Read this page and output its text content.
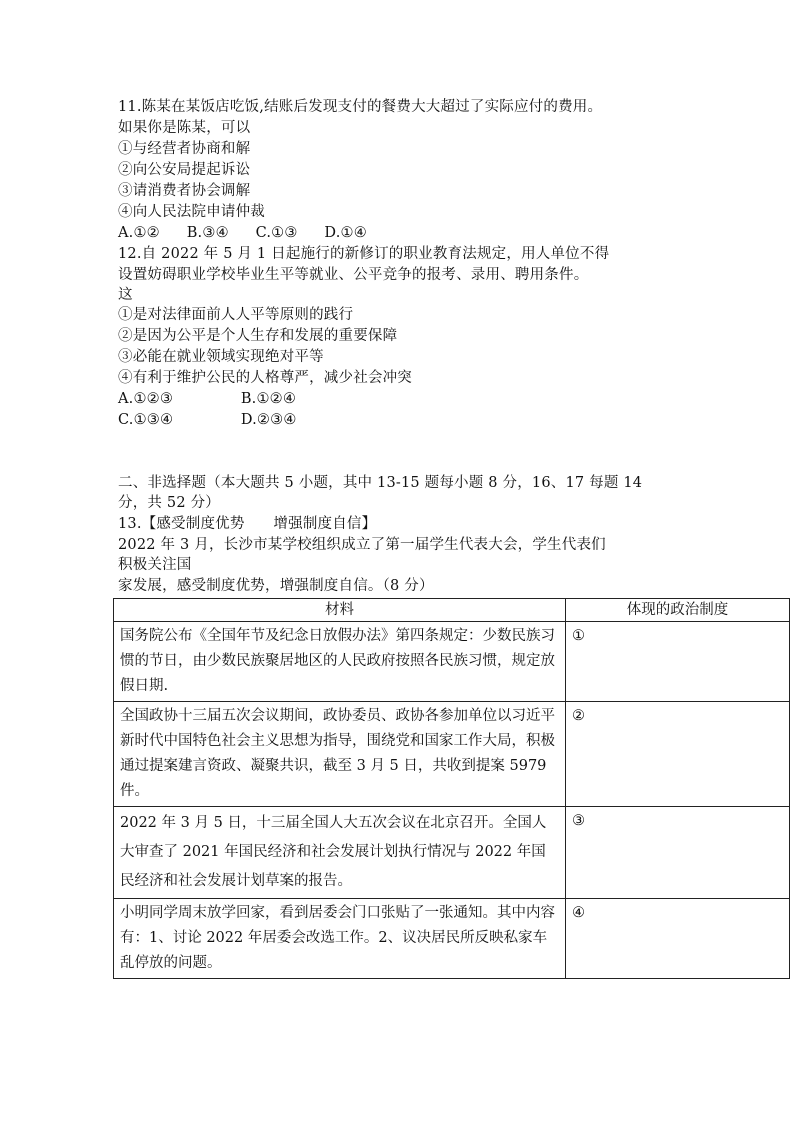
11.陈某在某饭店吃饭,结账后发现支付的餐费大大超过了实际应付的费用。
如果你是陈某，可以
①与经营者协商和解
②向公安局提起诉讼
③请消费者协会调解
④向人民法院申请仲裁
A.①② B.③④ C.①③ D.①④
12.自 2022 年 5 月 1 日起施行的新修订的职业教育法规定，用人单位不得
设置妨碍职业学校毕业生平等就业、公平竞争的报考、录用、聘用条件。
这
①是对法律面前人人平等原则的践行
②是因为公平是个人生存和发展的重要保障
③必能在就业领域实现绝对平等
④有利于维护公民的人格尊严，减少社会冲突
A.①②③	B.①②④
C.①③④	D.②③④
二、非选择题（本大题共 5 小题，其中 13-15 题每小题 8 分，16、17 每题 14
分，共 52 分）
13.【感受制度优势      增强制度自信】
2022 年 3 月，长沙市某学校组织成立了第一届学生代表大会，学生代表们
积极关注国
家发展，感受制度优势，增强制度自信。（8 分）
材料	体现的政治制度
国务院公布《全国年节及纪念日放假办法》第四条规定：少数民族习惯的节日，由少数民族聚居地区的人民政府按照各民族习惯，规定放假日期.	①
全国政协十三届五次会议期间，政协委员、政协各参加单位以习近平新时代中国特色社会主义思想为指导，围绕党和国家工作大局，积极通过提案建言资政、凝聚共识，截至 3 月 5 日，共收到提案 5979 件。	②
2022 年 3 月 5 日，十三届全国人大五次会议在北京召开。全国人大审查了 2021 年国民经济和社会发展计划执行情况与 2022 年国民经济和社会发展计划草案的报告。	③
小明同学周末放学回家，看到居委会门口张贴了一张通知。其中内容有：1、讨论 2022 年居委会改选工作。2、议决居民所反映私家车乱停放的问题。	④
